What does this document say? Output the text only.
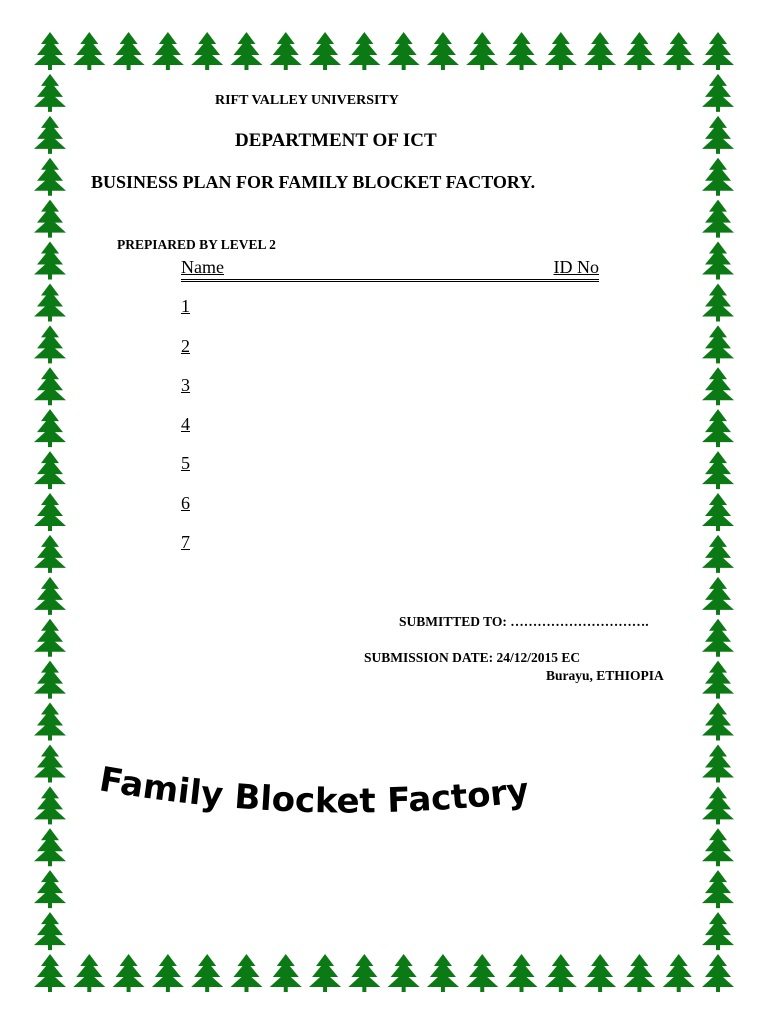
RIFT VALLEY UNIVERSITY
DEPARTMENT OF ICT
BUSINESS PLAN FOR FAMILY BLOCKET FACTORY.
PREPIARED BY LEVEL 2
Name	ID No
1
2
3
4
5
6
7
SUBMITTED TO: ………………………….
SUBMISSION DATE: 24/12/2015 EC
Burayu, ETHIOPIA
Family Blocket Factory
